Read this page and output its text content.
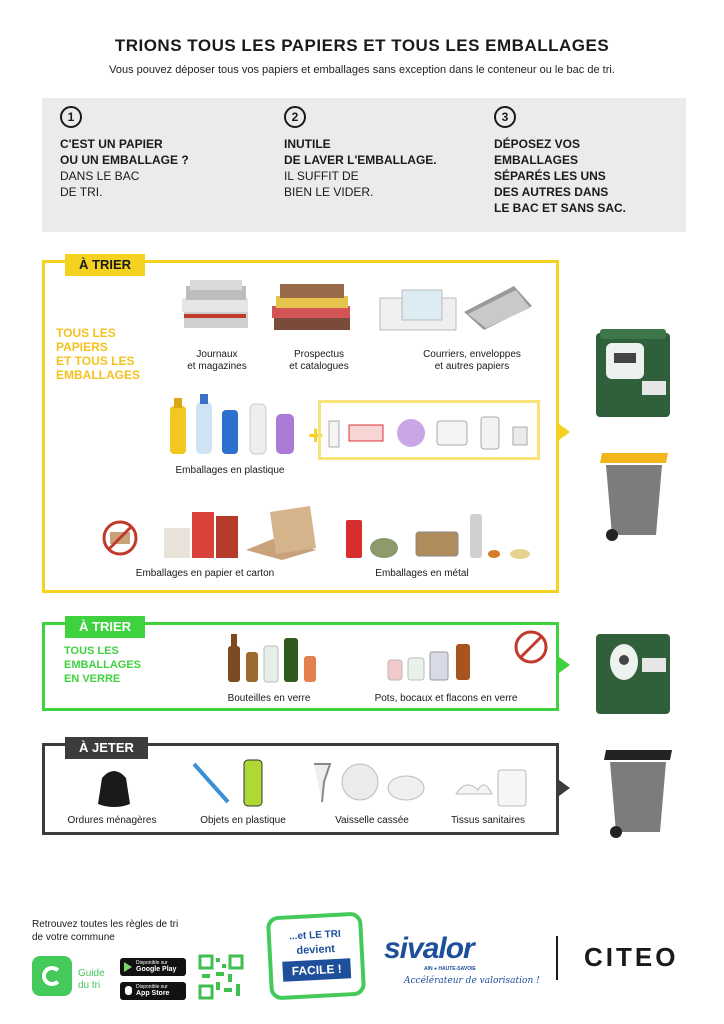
TRIONS TOUS LES PAPIERS ET TOUS LES EMBALLAGES
Vous pouvez déposer tous vos papiers et emballages sans exception dans le conteneur ou le bac de tri.
1
C'EST UN PAPIER
OU UN EMBALLAGE ?
DANS LE BAC
DE TRI.
2
INUTILE
DE LAVER L'EMBALLAGE.
IL SUFFIT DE
BIEN LE VIDER.
3
DÉPOSEZ VOS
EMBALLAGES
SÉPARÉS LES UNS
DES AUTRES DANS
LE BAC ET SANS SAC.
À TRIER
TOUS LES
PAPIERS
ET TOUS LES
EMBALLAGES
Journaux
et magazines
Prospectus
et catalogues
Courriers, enveloppes
et autres papiers
+
Emballages en plastique
Emballages en papier et carton	Emballages en métal
À TRIER
TOUS LES
EMBALLAGES
EN VERRE
Bouteilles en verre	Pots, bocaux et flacons en verre
À JETER
Ordures ménagères	Objets en plastique	Vaisselle cassée	Tissus sanitaires
Retrouvez toutes les règles de tri
de votre commune
Guide
du tri
Disponible sur
Google Play
Disponible sur
App Store
...et LE TRI
devient
FACILE !
sivalor
AIN ● HAUTE-SAVOIE
Accélérateur de valorisation !
CITEO
